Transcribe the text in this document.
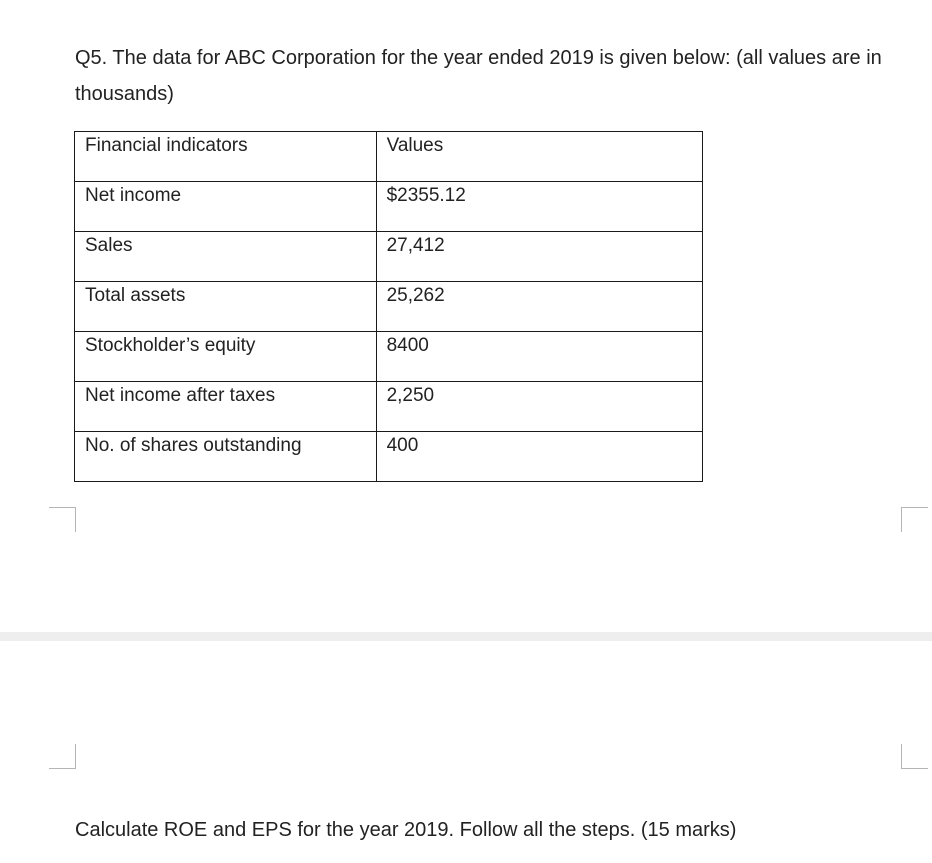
Q5. The data for ABC Corporation for the year ended 2019 is given below: (all values are in thousands)
Financial indicators	Values
Net income	$2355.12
Sales	27,412
Total assets	25,262
Stockholder’s equity	8400
Net income after taxes	2,250
No. of shares outstanding	400
Calculate ROE and EPS for the year 2019. Follow all the steps. (15 marks)
